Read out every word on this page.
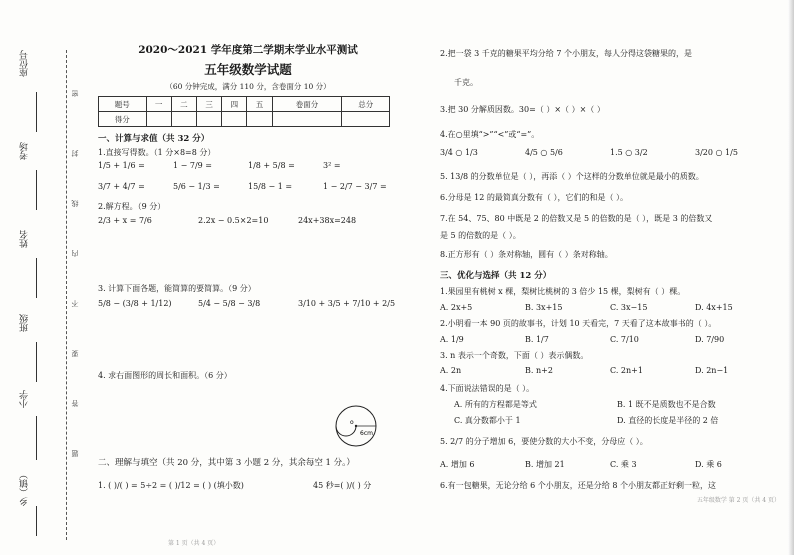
座位号
考场
姓名
班级
小学
乡（镇）
密
封
线
内
不
要
答
题
2020～2021 学年度第二学期末学业水平测试
五年级数学试题
（60 分钟完成，满分 110 分，含卷面分 10 分）
题号	一	二	三	四	五	卷面分	总分
得分							
一、计算与求值（共 32 分）
1.直接写得数。（1 分×8=8 分）
1/5 + 1/6 =	1 − 7/9 =	1/8 + 5/8 =	3² =
3/7 + 4/7 =	5/6 − 1/3 =	15/8 − 1 =	1 − 2/7 − 3/7 =
2.解方程。（9 分）
2/3 + x = 7/6	2.2x − 0.5×2=10	24x+38x=248
3. 计算下面各题，能简算的要简算。（9 分）
5/8 − (3/8 + 1/12)	5/4 − 5/8 − 3/8	3/10 + 3/5 + 7/10 + 2/5
4. 求右面图形的周长和面积。（6 分）
o
6cm
二、理解与填空（共 20 分，其中第 3 小题 2 分，其余每空 1 分。）
1. ( )/( ) = 5÷2 = ( )/12 = ( ) (填小数)	45 秒=( )/( ) 分
第 1 页（共 4 页）
2.把一袋 3 千克的糖果平均分给 7 个小朋友，每人分得这袋糖果的，是
千克。
3.把 30 分解质因数。30=（ ）×（ ）×（ ）
4.在○里填“>”“<”或“=”。
3/4 ○ 1/3	4/5 ○ 5/6	1.5 ○ 3/2	3/20 ○ 1/5
5. 13/8 的分数单位是（ ），再添（ ）个这样的分数单位就是最小的质数。
6.分母是 12 的最简真分数有（ ），它们的和是（ ）。
7.在 54、75、80 中既是 2 的倍数又是 5 的倍数的是（ ），既是 3 的倍数又
是 5 的倍数的是（ ）。
8.正方形有（ ）条对称轴，圆有（ ）条对称轴。
三、优化与选择（共 12 分）
1.果园里有桃树 x 棵，梨树比桃树的 3 倍少 15 棵，梨树有（ ）棵。
A. 2x+5	B. 3x+15	C. 3x−15	D. 4x+15
2.小明看一本 90 页的故事书，计划 10 天看完，7 天看了这本故事书的（ ）。
A. 1/9	B. 1/7	C. 7/10	D. 7/90
3. n 表示一个奇数，下面（ ）表示偶数。
A. 2n	B. n+2	C. 2n+1	D. 2n−1
4.下面说法错误的是（ ）。
A. 所有的方程都是等式	B. 1 既不是质数也不是合数
C. 真分数都小于 1	D. 直径的长度是半径的 2 倍
5. 2/7 的分子增加 6，要使分数的大小不变，分母应（ ）。
A. 增加 6	B. 增加 21	C. 乘 3	D. 乘 6
6.有一包糖果，无论分给 6 个小朋友，还是分给 8 个小朋友都正好剩一粒，这
五年级数学 第 2 页（共 4 页）
